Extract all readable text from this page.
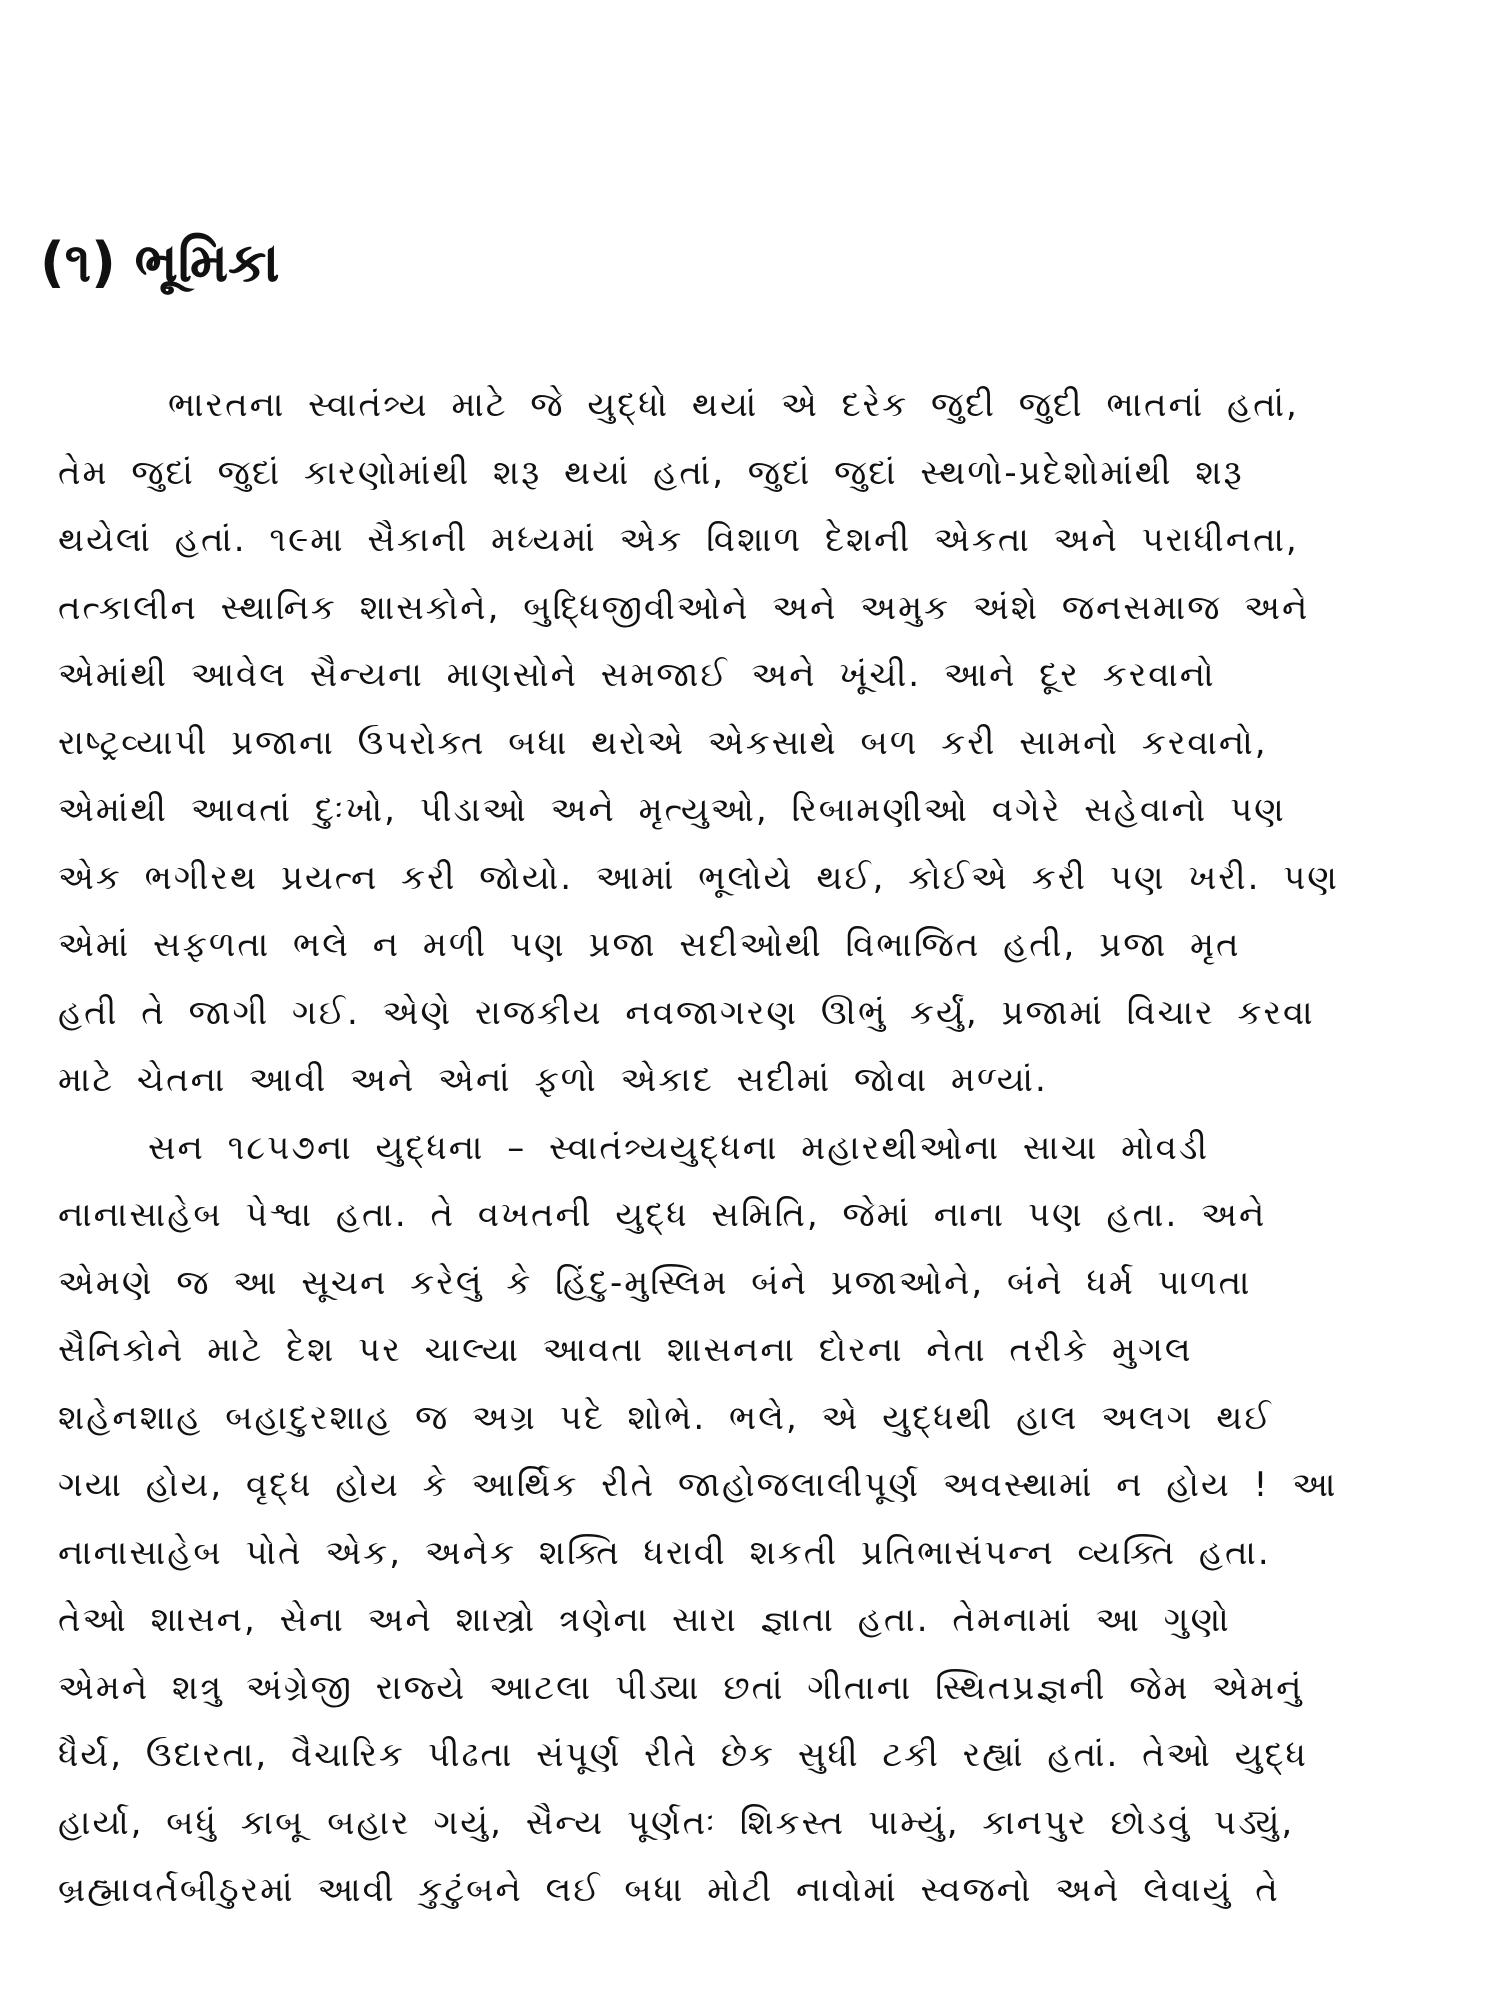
(૧) ભૂમિકા
ભારતના સ્વાતંત્ર્ય માટે જે યુદ્ધો થયાં એ દરેક જુદી જુદી ભાતનાં હતાં,
તેમ જુદાં જુદાં કારણોમાંથી શરૂ થયાં હતાં, જુદાં જુદાં સ્થળો-પ્રદેશોમાંથી શરૂ
થયેલાં હતાં. ૧૯મા સૈકાની મધ્યમાં એક વિશાળ દેશની એકતા અને પરાધીનતા,
તત્કાલીન સ્થાનિક શાસકોને, બુદ્ધિજીવીઓને અને અમુક અંશે જનસમાજ અને
એમાંથી આવેલ સૈન્યના માણસોને સમજાઈ અને ખૂંચી. આને દૂર કરવાનો
રાષ્ટ્રવ્યાપી પ્રજાના ઉપરોક્ત બધા થરોએ એકસાથે બળ કરી સામનો કરવાનો,
એમાંથી આવતાં દુઃખો, પીડાઓ અને મૃત્યુઓ, રિબામણીઓ વગેરે સહેવાનો પણ
એક ભગીરથ પ્રયત્ન કરી જોયો. આમાં ભૂલોયે થઈ, કોઈએ કરી પણ ખરી. પણ
એમાં સફળતા ભલે ન મળી પણ પ્રજા સદીઓથી વિભાજિત હતી, પ્રજા મૃત
હતી તે જાગી ગઈ. એણે રાજકીય નવજાગરણ ઊભું કર્યું, પ્રજામાં વિચાર કરવા
માટે ચેતના આવી અને એનાં ફળો એકાદ સદીમાં જોવા મળ્યાં.
સન ૧૮૫૭ના યુદ્ધના – સ્વાતંત્ર્યયુદ્ધના મહારથીઓના સાચા મોવડી
નાનાસાહેબ પેશ્વા હતા. તે વખતની યુદ્ધ સમિતિ, જેમાં નાના પણ હતા. અને
એમણે જ આ સૂચન કરેલું કે હિંદુ-મુસ્લિમ બંને પ્રજાઓને, બંને ધર્મ પાળતા
સૈનિકોને માટે દેશ પર ચાલ્યા આવતા શાસનના દોરના નેતા તરીકે મુગલ
શહેનશાહ બહાદુરશાહ જ અગ્ર પદે શોભે. ભલે, એ યુદ્ધથી હાલ અલગ થઈ
ગયા હોય, વૃદ્ધ હોય કે આર્થિક રીતે જાહોજલાલીપૂર્ણ અવસ્થામાં ન હોય ! આ
નાનાસાહેબ પોતે એક, અનેક શક્તિ ધરાવી શકતી પ્રતિભાસંપન્ન વ્યક્તિ હતા.
તેઓ શાસન, સેના અને શાસ્ત્રો ત્રણેના સારા જ્ઞાતા હતા. તેમનામાં આ ગુણો
એમને શત્રુ અંગ્રેજી રાજ્યે આટલા પીડ્યા છતાં ગીતાના સ્થિતપ્રજ્ઞની જેમ એમનું
ધૈર્ય, ઉદારતા, વૈચારિક પીઢતા સંપૂર્ણ રીતે છેક સુધી ટકી રહ્યાં હતાં. તેઓ યુદ્ધ
હાર્યા, બધું કાબૂ બહાર ગયું, સૈન્ય પૂર્ણતઃ શિકસ્ત પામ્યું, કાનપુર છોડવું પડ્યું,
બ્રહ્માવર્તબીઠુરમાં આવી કુટુંબને લઈ બધા મોટી નાવોમાં સ્વજનો અને લેવાયું તે
